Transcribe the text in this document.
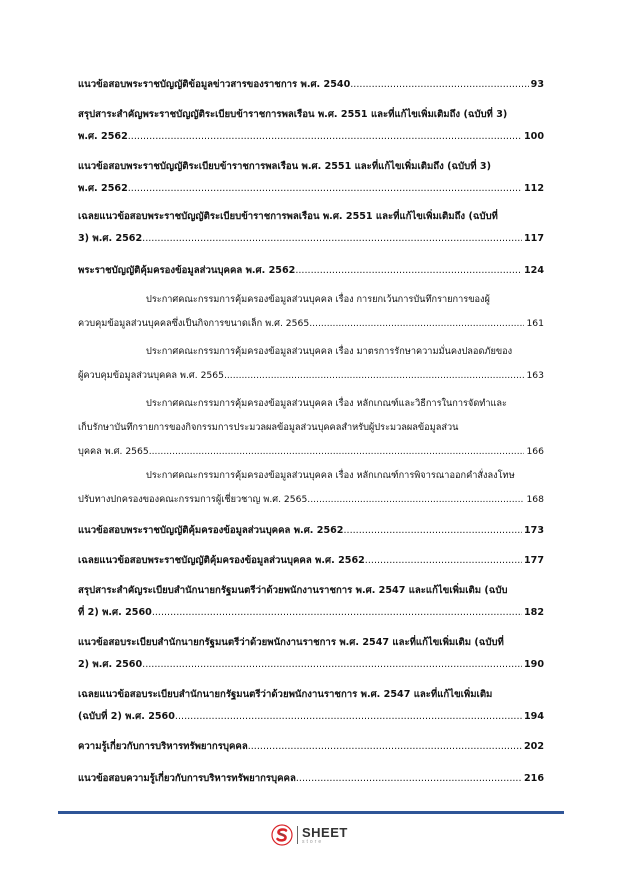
แนวข้อสอบพระราชบัญญัติข้อมูลข่าวสารของราชการ พ.ศ. 2540 .....	93
สรุปสาระสำคัญพระราชบัญญัติระเบียบข้าราชการพลเรือน พ.ศ. 2551 และที่แก้ไขเพิ่มเติมถึง (ฉบับที่ 3)
พ.ศ. 2562 .....	100
แนวข้อสอบพระราชบัญญัติระเบียบข้าราชการพลเรือน พ.ศ. 2551 และที่แก้ไขเพิ่มเติมถึง (ฉบับที่ 3)
พ.ศ. 2562 .....	112
เฉลยแนวข้อสอบพระราชบัญญัติระเบียบข้าราชการพลเรือน พ.ศ. 2551 และที่แก้ไขเพิ่มเติมถึง (ฉบับที่
3) พ.ศ. 2562 .....	117
พระราชบัญญัติคุ้มครองข้อมูลส่วนบุคคล พ.ศ. 2562 .....	124
ประกาศคณะกรรมการคุ้มครองข้อมูลส่วนบุคคล เรื่อง การยกเว้นการบันทึกรายการของผู้
ควบคุมข้อมูลส่วนบุคคลซึ่งเป็นกิจการขนาดเล็ก พ.ศ. 2565 .....	161
ประกาศคณะกรรมการคุ้มครองข้อมูลส่วนบุคคล เรื่อง มาตรการรักษาความมั่นคงปลอดภัยของ
ผู้ควบคุมข้อมูลส่วนบุคคล พ.ศ. 2565 .....	163
ประกาศคณะกรรมการคุ้มครองข้อมูลส่วนบุคคล เรื่อง หลักเกณฑ์และวิธีการในการจัดทำและ
เก็บรักษาบันทึกรายการของกิจกรรมการประมวลผลข้อมูลส่วนบุคคลสำหรับผู้ประมวลผลข้อมูลส่วน
บุคคล พ.ศ. 2565 .....	166
ประกาศคณะกรรมการคุ้มครองข้อมูลส่วนบุคคล เรื่อง หลักเกณฑ์การพิจารณาออกคำสั่งลงโทษ
ปรับทางปกครองของคณะกรรมการผู้เชี่ยวชาญ พ.ศ. 2565 .....	168
แนวข้อสอบพระราชบัญญัติคุ้มครองข้อมูลส่วนบุคคล พ.ศ. 2562 .....	173
เฉลยแนวข้อสอบพระราชบัญญัติคุ้มครองข้อมูลส่วนบุคคล พ.ศ. 2562 .....	177
สรุปสาระสำคัญระเบียบสำนักนายกรัฐมนตรีว่าด้วยพนักงานราชการ พ.ศ. 2547 และแก้ไขเพิ่มเติม (ฉบับ
ที่ 2) พ.ศ. 2560 .....	182
แนวข้อสอบระเบียบสำนักนายกรัฐมนตรีว่าด้วยพนักงานราชการ พ.ศ. 2547 และที่แก้ไขเพิ่มเติม (ฉบับที่
2) พ.ศ. 2560 .....	190
เฉลยแนวข้อสอบระเบียบสำนักนายกรัฐมนตรีว่าด้วยพนักงานราชการ พ.ศ. 2547 และที่แก้ไขเพิ่มเติม
(ฉบับที่ 2) พ.ศ. 2560 .....	194
ความรู้เกี่ยวกับการบริหารทรัพยากรบุคคล .....	202
แนวข้อสอบความรู้เกี่ยวกับการบริหารทรัพยากรบุคคล .....	216
SHEET
store
